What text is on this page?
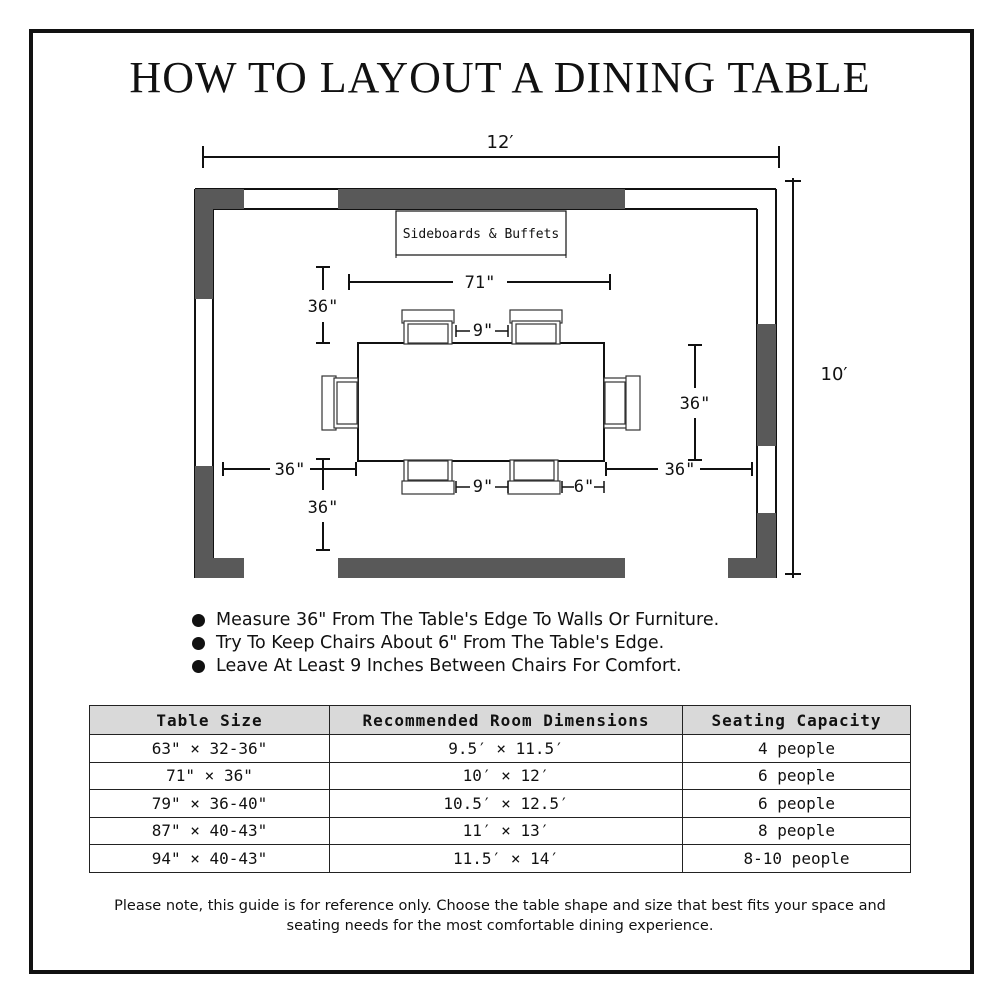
HOW TO LAYOUT A DINING TABLE
12′
10′
Sideboards & Buffets
71"
36"
9"
9"	6"
36"
36"	36"
36"
Measure 36" From The Table's Edge To Walls Or Furniture.
Try To Keep Chairs About 6" From The Table's Edge.
Leave At Least 9 Inches Between Chairs For Comfort.
Table Size	Recommended Room Dimensions	Seating Capacity
63" × 32-36"	9.5′ × 11.5′	4 people
71" × 36"	10′ × 12′	6 people
79" × 36-40"	10.5′ × 12.5′	6 people
87" × 40-43"	11′ × 13′	8 people
94" × 40-43"	11.5′ × 14′	8-10 people
Please note, this guide is for reference only. Choose the table shape and size that best fits your space and seating needs for the most comfortable dining experience.
